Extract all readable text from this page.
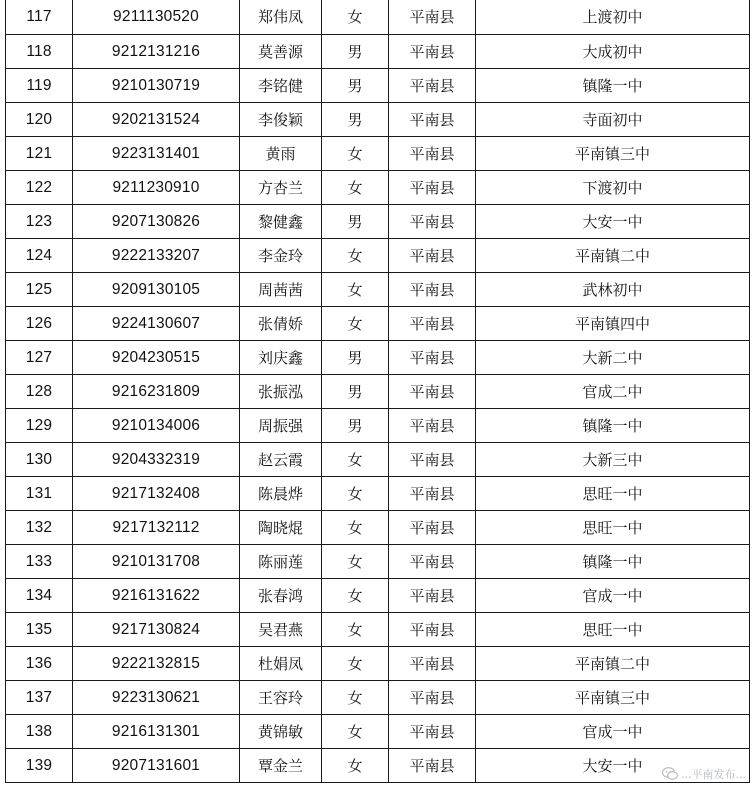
117	9211130520	郑伟凤	女	平南县	上渡初中
118	9212131216	莫善源	男	平南县	大成初中
119	9210130719	李铭健	男	平南县	镇隆一中
120	9202131524	李俊颖	男	平南县	寺面初中
121	9223131401	黄雨	女	平南县	平南镇三中
122	9211230910	方杏兰	女	平南县	下渡初中
123	9207130826	黎健鑫	男	平南县	大安一中
124	9222133207	李金玲	女	平南县	平南镇二中
125	9209130105	周茜茜	女	平南县	武林初中
126	9224130607	张倩娇	女	平南县	平南镇四中
127	9204230515	刘庆鑫	男	平南县	大新二中
128	9216231809	张振泓	男	平南县	官成二中
129	9210134006	周振强	男	平南县	镇隆一中
130	9204332319	赵云霞	女	平南县	大新三中
131	9217132408	陈晨烨	女	平南县	思旺一中
132	9217132112	陶晓焜	女	平南县	思旺一中
133	9210131708	陈丽莲	女	平南县	镇隆一中
134	9216131622	张春鸿	女	平南县	官成一中
135	9217130824	吴君燕	女	平南县	思旺一中
136	9222132815	杜娟凤	女	平南县	平南镇二中
137	9223130621	王容玲	女	平南县	平南镇三中
138	9216131301	黄锦敏	女	平南县	官成一中
139	9207131601	覃金兰	女	平南县	大安一中	...平南发布...
